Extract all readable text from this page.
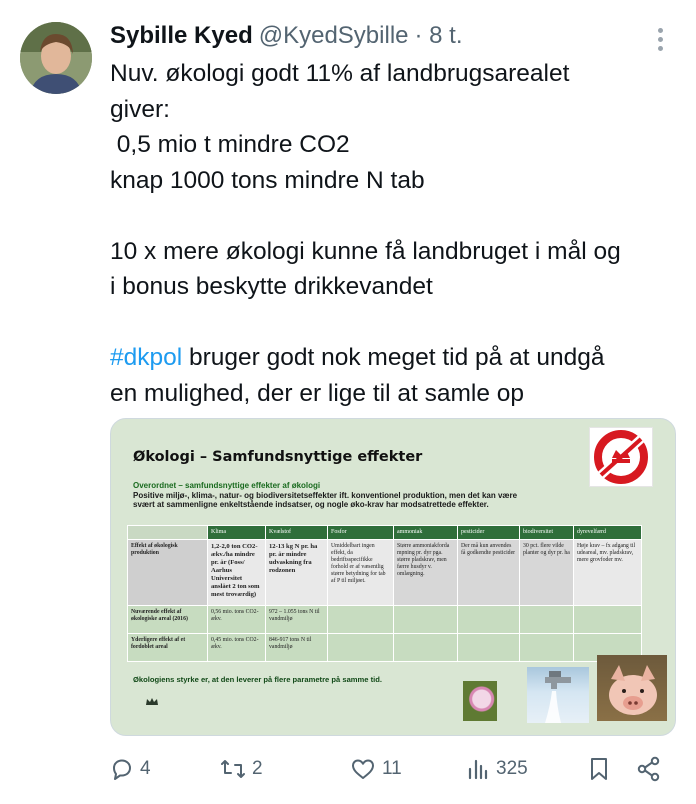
Sybille Kyed @KyedSybille · 8 t.
Nuv. økologi godt 11% af landbrugsarealet
giver:
0,5 mio t mindre CO2
knap 1000 tons mindre N tab
10 x mere økologi kunne få landbruget i mål og
i bonus beskytte drikkevandet
#dkpol bruger godt nok meget tid på at undgå
en mulighed, der er lige til at samle op
Økologi – Samfundsnyttige effekter
Overordnet – samfundsnyttige effekter af økologi
Positive miljø-, klima-, natur- og biodiversitetseffekter ift. konventionel produktion, men det kan være
svært at sammenligne enkeltstående indsatser, og nogle øko-krav har modsatrettede effekter.
	Klima	Kvælstof	Fosfor	ammoniak	pesticider	biodiversitet	dyrevelfærd
Effekt af økologisk produktion	1,2-2,0 ton CO2-ækv./ha mindre pr. år (Foss/ Aarhus Universitet anslået 2 ton som mest troværdig)	12-13 kg N pr. ha pr. år mindre udvaskning fra rodzonen	Umiddelbart ingen effekt, da bedriftsspecifikke forhold er af væsentlig større betydning for tab af P til miljøet.	Større ammoniakforda mpning pr. dyr pga. større pladskrav, men færre husdyr v. omlægning.	Der må kun anvendes få godkendte pesticider	30 pct. flere vilde planter og dyr pr. ha	Høje krav – fx adgang til udeareal, mv. pladskrav, mere grovfoder mv.
Nuværende effekt af økologiske areal (2016)	0,56 mio. tons CO2-ækv.	972 – 1.055 tons N til vandmiljø					
Yderligere effekt af et fordoblet areal	0,45 mio. tons CO2-ækv.	846-917 tons N til vandmiljø					
Økologiens styrke er, at den leverer på flere parametre på samme tid.
4	2	11	325
